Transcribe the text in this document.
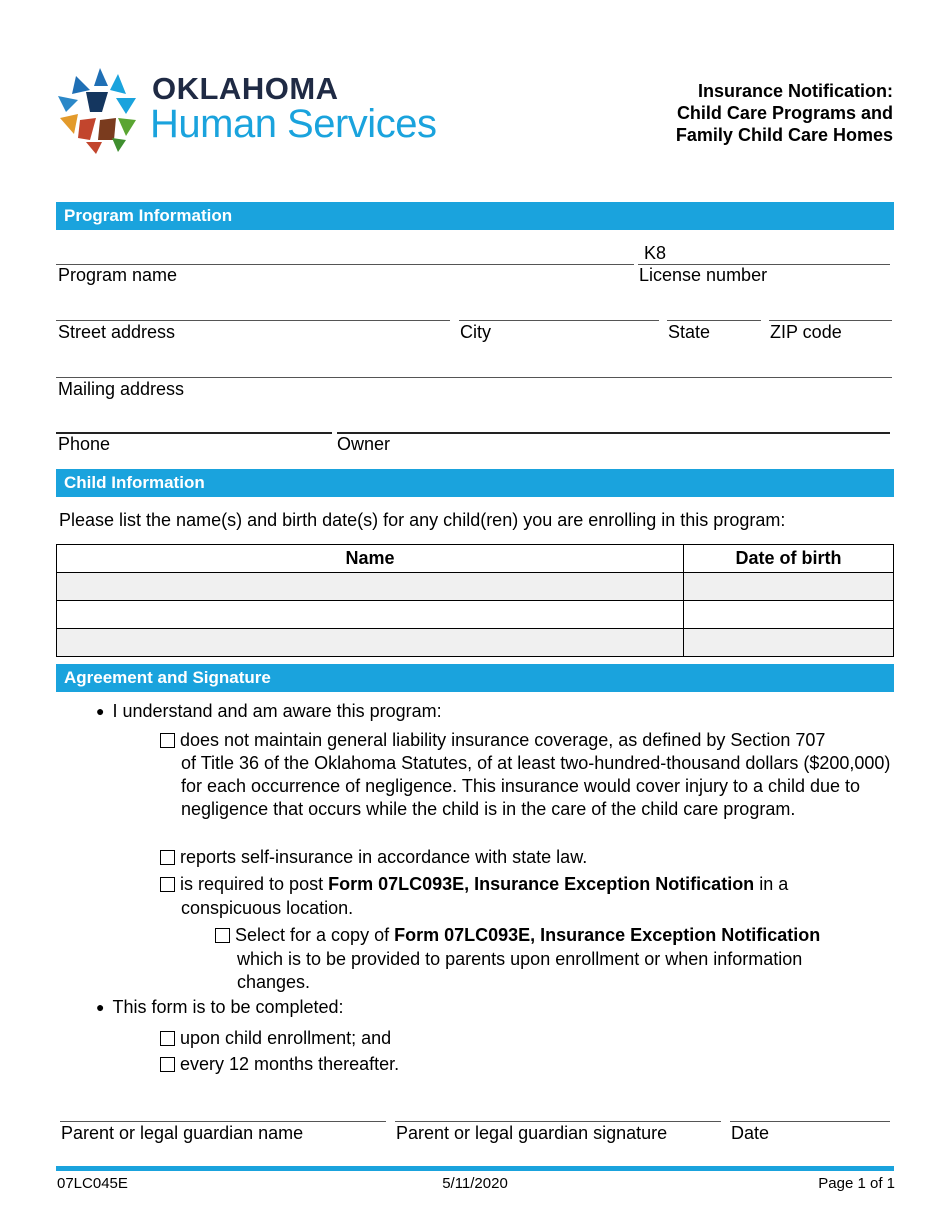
OKLAHOMA
Human Services
Insurance Notification:
Child Care Programs and
Family Child Care Homes
Program Information
K8
Program name	License number
Street address	City	State	ZIP code
Mailing address
Phone	Owner
Child Information
Please list the name(s) and birth date(s) for any child(ren) you are enrolling in this program:
Name	Date of birth

Agreement and Signature
● I understand and am aware this program:
does not maintain general liability insurance coverage, as defined by Section 707
of Title 36 of the Oklahoma Statutes, of at least two-hundred-thousand dollars ($200,000) for each occurrence of negligence. This insurance would cover injury to a child due to negligence that occurs while the child is in the care of the child care program.
reports self-insurance in accordance with state law.
is required to post Form 07LC093E, Insurance Exception Notification in a
conspicuous location.
Select for a copy of Form 07LC093E, Insurance Exception Notification
which is to be provided to parents upon enrollment or when information changes.
● This form is to be completed:
upon child enrollment; and
every 12 months thereafter.
Parent or legal guardian name	Parent or legal guardian signature	Date
07LC045E	5/11/2020	Page 1 of 1
